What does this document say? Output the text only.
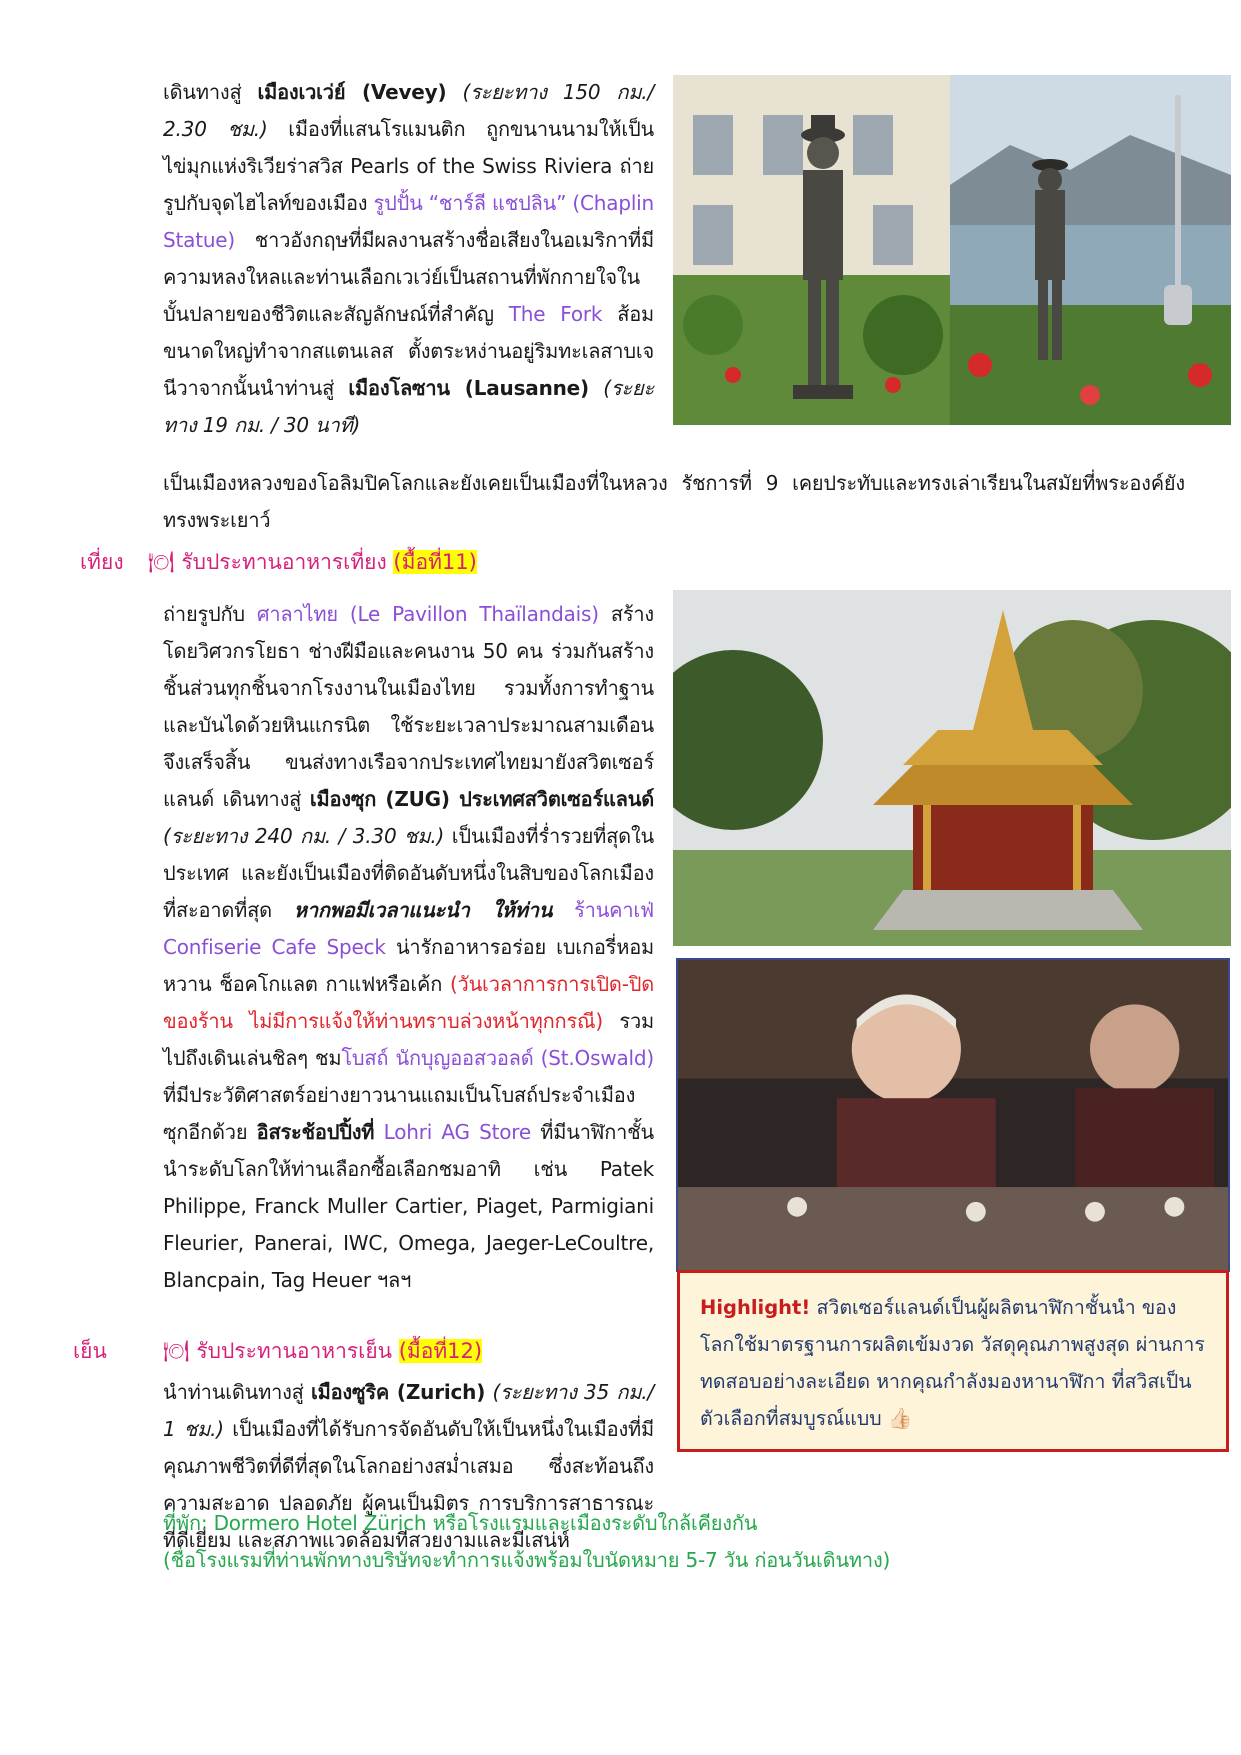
เดินทางสู่ เมืองเวเว่ย์ (Vevey) (ระยะทาง 150 กม./ 2.30 ชม.) เมืองที่แสนโรแมนติก ถูกขนานนามให้เป็นไข่มุกแห่งริเวียร่าสวิส Pearls of the Swiss Riviera ถ่ายรูปกับจุดไฮไลท์ของเมือง รูปปั้น “ชาร์ลี แชปลิน” (Chaplin Statue) ชาวอังกฤษที่มีผลงานสร้างชื่อเสียงในอเมริกาที่มีความหลงใหลและท่านเลือกเวเว่ย์เป็นสถานที่พักกายใจในบั้นปลายของชีวิตและสัญลักษณ์ที่สำคัญ The Fork ส้อมขนาดใหญ่ทำจากสแตนเลส ตั้งตระหง่านอยู่ริมทะเลสาบเจนีวาจากนั้นนำท่านสู่ เมืองโลซาน (Lausanne) (ระยะทาง 19 กม. / 30 นาที)
เป็นเมืองหลวงของโอลิมปิคโลกและยังเคยเป็นเมืองที่ในหลวง รัชการที่ 9 เคยประทับและทรงเล่าเรียนในสมัยที่พระองค์ยังทรงพระเยาว์
เที่ยง 🍽 รับประทานอาหารเที่ยง (มื้อที่11)
ถ่ายรูปกับ ศาลาไทย (Le Pavillon Thaïlandais) สร้างโดยวิศวกรโยธา ช่างฝีมือและคนงาน 50 คน ร่วมกันสร้างชิ้นส่วนทุกชิ้นจากโรงงานในเมืองไทย รวมทั้งการทำฐานและบันไดด้วยหินแกรนิต ใช้ระยะเวลาประมาณสามเดือนจึงเสร็จสิ้น ขนส่งทางเรือจากประเทศไทยมายังสวิตเซอร์แลนด์ เดินทางสู่ เมืองซุก (ZUG) ประเทศสวิตเซอร์แลนด์ (ระยะทาง 240 กม. / 3.30 ชม.) เป็นเมืองที่ร่ำรวยที่สุดในประเทศ และยังเป็นเมืองที่ติดอันดับหนึ่งในสิบของโลกเมืองที่สะอาดที่สุด หากพอมีเวลาแนะนำ ให้ท่าน ร้านคาเฟ่ Confiserie Cafe Speck น่ารักอาหารอร่อย เบเกอรี่หอมหวาน ช็อคโกแลต กาแฟหรือเค้ก (วันเวลาการการเปิด-ปิดของร้าน ไม่มีการแจ้งให้ท่านทราบล่วงหน้าทุกกรณี) รวมไปถึงเดินเล่นชิลๆ ชมโบสถ์ นักบุญออสวอลด์ (St.Oswald) ที่มีประวัติศาสตร์อย่างยาวนานแถมเป็นโบสถ์ประจำเมืองซุกอีกด้วย อิสระช้อปปิ้งที่ Lohri AG Store ที่มีนาฬิกาชั้นนำระดับโลกให้ท่านเลือกซื้อเลือกชมอาทิ เช่น Patek Philippe, Franck Muller Cartier, Piaget, Parmigiani Fleurier, Panerai, IWC, Omega, Jaeger-LeCoultre, Blancpain, Tag Heuer ฯลฯ
Highlight! สวิตเซอร์แลนด์เป็นผู้ผลิตนาฬิกาชั้นนำ ของโลกใช้มาตรฐานการผลิตเข้มงวด วัสดุคุณภาพสูงสุด ผ่านการทดสอบอย่างละเอียด หากคุณกำลังมองหานาฬิกา ที่สวิสเป็นตัวเลือกที่สมบูรณ์แบบ 👍🏻
เย็น	🍽 รับประทานอาหารเย็น (มื้อที่12)
นำท่านเดินทางสู่ เมืองซูริค (Zurich) (ระยะทาง 35 กม./ 1 ชม.) เป็นเมืองที่ได้รับการจัดอันดับให้เป็นหนึ่งในเมืองที่มีคุณภาพชีวิตที่ดีที่สุดในโลกอย่างสม่ำเสมอ ซึ่งสะท้อนถึงความสะอาด ปลอดภัย ผู้คนเป็นมิตร การบริการสาธารณะที่ดีเยี่ยม และสภาพแวดล้อมที่สวยงามและมีเสน่ห์
ที่พัก: Dormero Hotel Zürich หรือโรงแรมและเมืองระดับใกล้เคียงกัน
(ชื่อโรงแรมที่ท่านพักทางบริษัทจะทำการแจ้งพร้อมใบนัดหมาย 5-7 วัน ก่อนวันเดินทาง)
